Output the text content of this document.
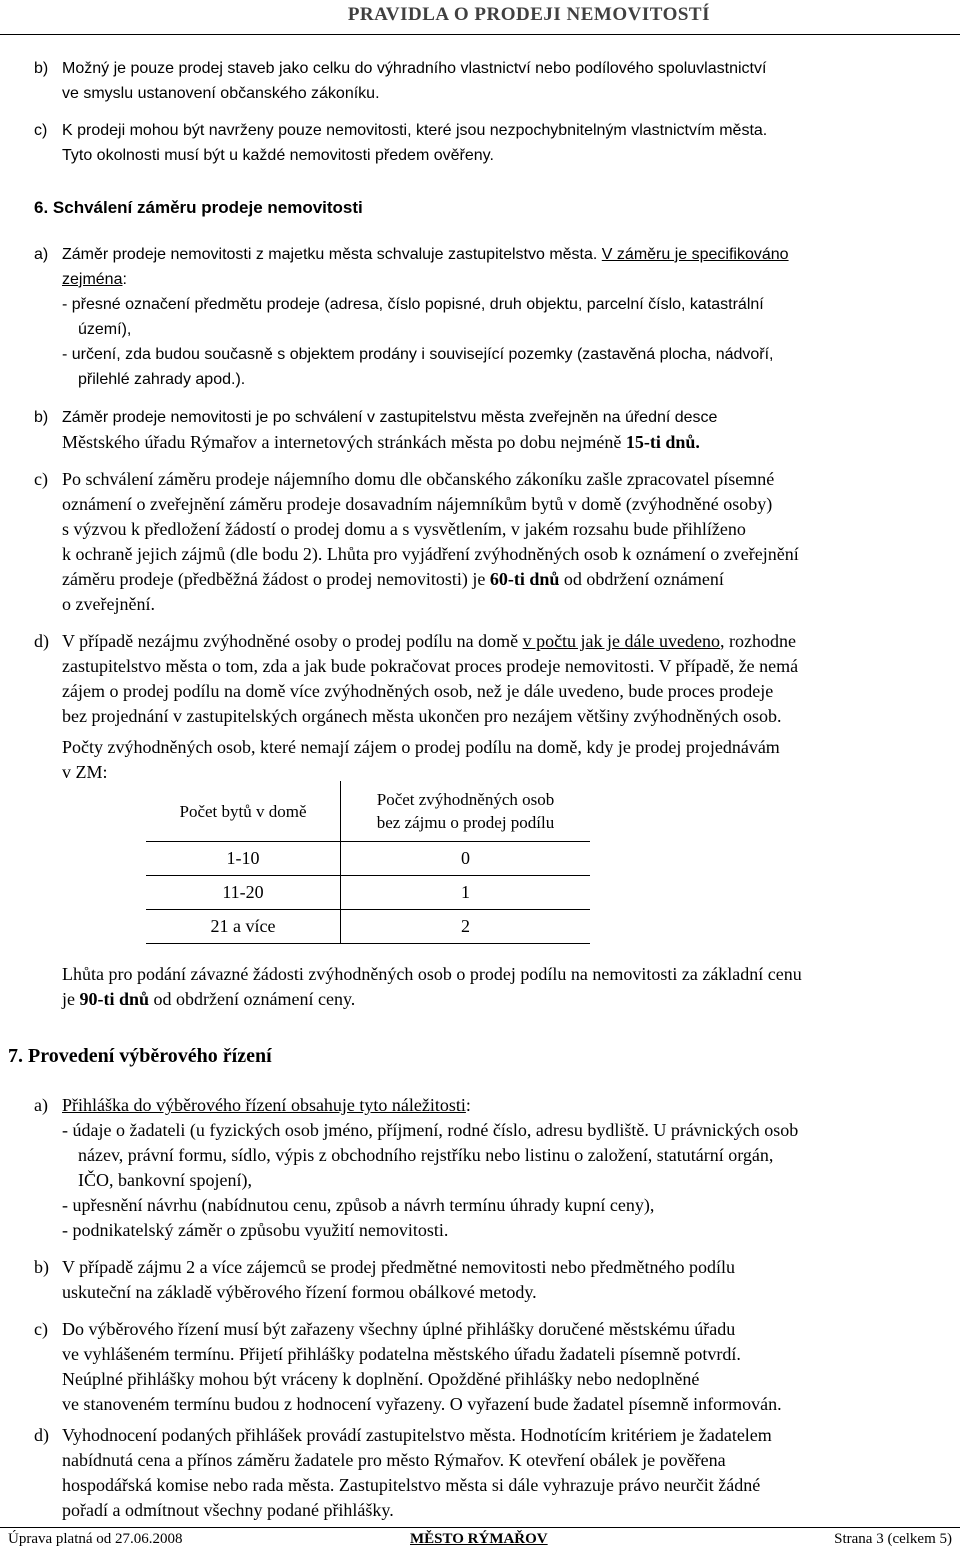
PRAVIDLA O PRODEJI NEMOVITOSTÍ
b) Možný je pouze prodej staveb jako celku do výhradního vlastnictví nebo podílového spoluvlastnictví
ve smyslu ustanovení občanského zákoníku.
c) K prodeji mohou být navrženy pouze nemovitosti, které jsou nezpochybnitelným vlastnictvím města.
Tyto okolnosti musí být u každé nemovitosti předem ověřeny.
6. Schválení záměru prodeje nemovitosti
a) Záměr prodeje nemovitosti z majetku města schvaluje zastupitelstvo města. V záměru je specifikováno
zejména:
- přesné označení předmětu prodeje (adresa, číslo popisné, druh objektu, parcelní číslo, katastrální
území),
- určení, zda budou současně s objektem prodány i související pozemky (zastavěná plocha, nádvoří,
přilehlé zahrady apod.).
b) Záměr prodeje nemovitosti je po schválení v zastupitelstvu města zveřejněn na úřední desce
Městského úřadu Rýmařov a internetových stránkách města po dobu nejméně 15-ti dnů.
c) Po schválení záměru prodeje nájemního domu dle občanského zákoníku zašle zpracovatel písemné
oznámení o zveřejnění záměru prodeje dosavadním nájemníkům bytů v domě (zvýhodněné osoby)
s výzvou k předložení žádostí o prodej domu a s vysvětlením, v jakém rozsahu bude přihlíženo
k ochraně jejich zájmů (dle bodu 2). Lhůta pro vyjádření zvýhodněných osob k oznámení o zveřejnění
záměru prodeje (předběžná žádost o prodej nemovitosti) je 60-ti dnů od obdržení oznámení
o zveřejnění.
d) V případě nezájmu zvýhodněné osoby o prodej podílu na domě v počtu jak je dále uvedeno, rozhodne
zastupitelstvo města o tom, zda a jak bude pokračovat proces prodeje nemovitosti. V případě, že nemá
zájem o prodej podílu na domě více zvýhodněných osob, než je dále uvedeno, bude proces prodeje
bez projednání v zastupitelských orgánech města ukončen pro nezájem většiny zvýhodněných osob.
Počty zvýhodněných osob, které nemají zájem o prodej podílu na domě, kdy je prodej projednávám
v ZM:
Počet bytů v domě	Počet zvýhodněných osob
bez zájmu o prodej podílu
1-10	0
11-20	1
21 a více	2
Lhůta pro podání závazné žádosti zvýhodněných osob o prodej podílu na nemovitosti za základní cenu
je 90-ti dnů od obdržení oznámení ceny.
7. Provedení výběrového řízení
a) Přihláška do výběrového řízení obsahuje tyto náležitosti:
- údaje o žadateli (u fyzických osob jméno, příjmení, rodné číslo, adresu bydliště. U právnických osob
název, právní formu, sídlo, výpis z obchodního rejstříku nebo listinu o založení, statutární orgán,
IČO, bankovní spojení),
- upřesnění návrhu (nabídnutou cenu, způsob a návrh termínu úhrady kupní ceny),
- podnikatelský záměr o způsobu využití nemovitosti.
b) V případě zájmu 2 a více zájemců se prodej předmětné nemovitosti nebo předmětného podílu
uskuteční na základě výběrového řízení formou obálkové metody.
c) Do výběrového řízení musí být zařazeny všechny úplné přihlášky doručené městskému úřadu
ve vyhlášeném termínu. Přijetí přihlášky podatelna městského úřadu žadateli písemně potvrdí.
Neúplné přihlášky mohou být vráceny k doplnění. Opožděné přihlášky nebo nedoplněné
ve stanoveném termínu budou z hodnocení vyřazeny. O vyřazení bude žadatel písemně informován.
d) Vyhodnocení podaných přihlášek provádí zastupitelstvo města. Hodnotícím kritériem je žadatelem
nabídnutá cena a přínos záměru žadatele pro město Rýmařov. K otevření obálek je pověřena
hospodářská komise nebo rada města. Zastupitelstvo města si dále vyhrazuje právo neurčit žádné
pořadí a odmítnout všechny podané přihlášky.
Úprava platná od 27.06.2008	MĚSTO RÝMAŘOV	Strana 3 (celkem 5)
